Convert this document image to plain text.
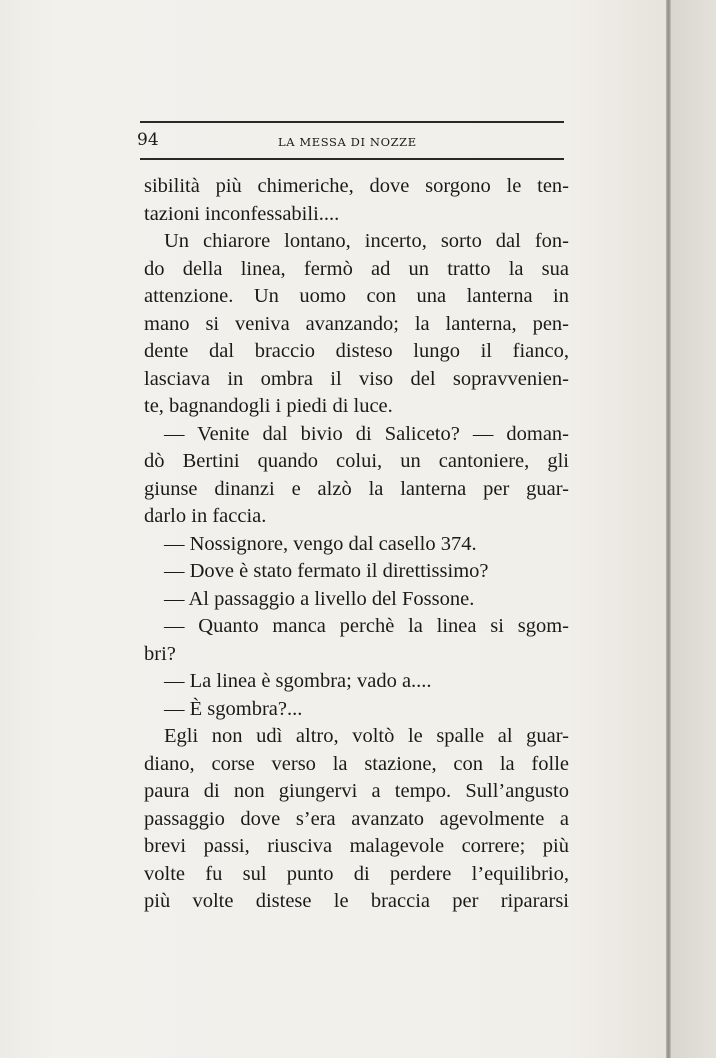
94	LA MESSA DI NOZZE
sibilità più chimeriche, dove sorgono le ten-
tazioni inconfessabili....
Un chiarore lontano, incerto, sorto dal fon-
do della linea, fermò ad un tratto la sua
attenzione. Un uomo con una lanterna in
mano si veniva avanzando; la lanterna, pen-
dente dal braccio disteso lungo il fianco,
lasciava in ombra il viso del sopravvenien-
te, bagnandogli i piedi di luce.
— Venite dal bivio di Saliceto? — doman-
dò Bertini quando colui, un cantoniere, gli
giunse dinanzi e alzò la lanterna per guar-
darlo in faccia.
— Nossignore, vengo dal casello 374.
— Dove è stato fermato il direttissimo?
— Al passaggio a livello del Fossone.
— Quanto manca perchè la linea si sgom-
bri?
— La linea è sgombra; vado a....
— È sgombra?...
Egli non udì altro, voltò le spalle al guar-
diano, corse verso la stazione, con la folle
paura di non giungervi a tempo. Sull’angusto
passaggio dove s’era avanzato agevolmente a
brevi passi, riusciva malagevole correre; più
volte fu sul punto di perdere l’equilibrio,
più volte distese le braccia per ripararsi
